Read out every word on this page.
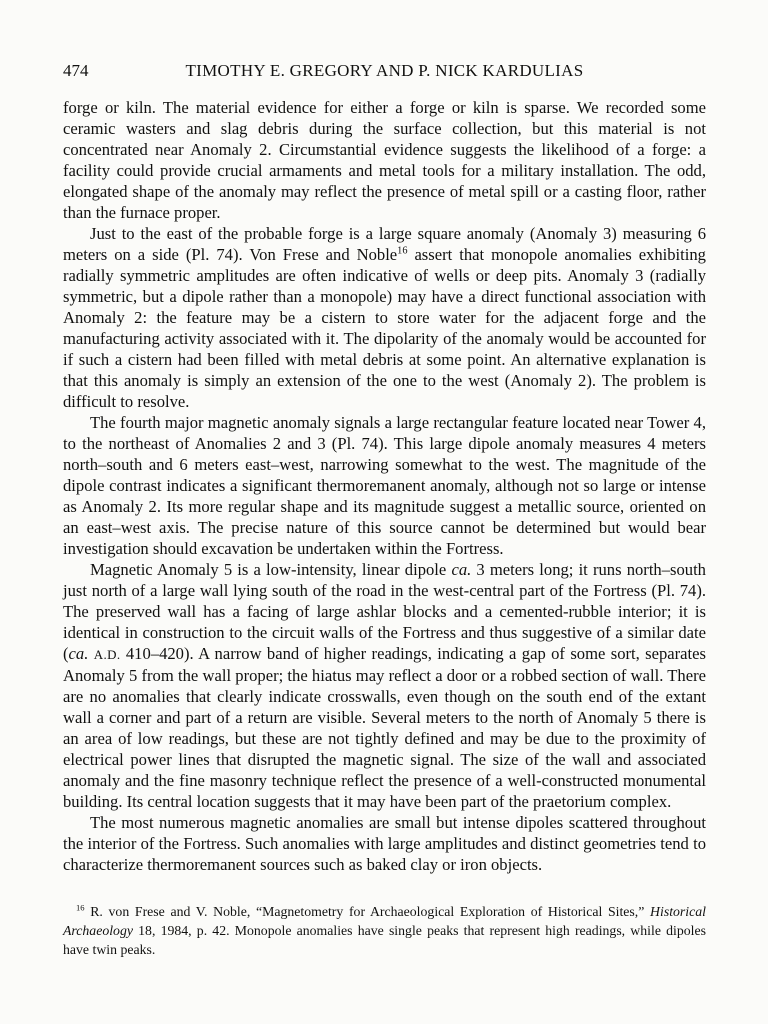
474	TIMOTHY E. GREGORY AND P. NICK KARDULIAS

forge or kiln. The material evidence for either a forge or kiln is sparse. We recorded some ceramic wasters and slag debris during the surface collection, but this material is not concentrated near Anomaly 2. Circumstantial evidence suggests the likelihood of a forge: a facility could provide crucial armaments and metal tools for a military installation. The odd, elongated shape of the anomaly may reflect the presence of metal spill or a casting floor, rather than the furnace proper.

Just to the east of the probable forge is a large square anomaly (Anomaly 3) measuring 6 meters on a side (Pl. 74). Von Frese and Noble$^{16}$ assert that monopole anomalies exhibiting radially symmetric amplitudes are often indicative of wells or deep pits. Anomaly 3 (radially symmetric, but a dipole rather than a monopole) may have a direct functional association with Anomaly 2: the feature may be a cistern to store water for the adjacent forge and the manufacturing activity associated with it. The dipolarity of the anomaly would be accounted for if such a cistern had been filled with metal debris at some point. An alternative explanation is that this anomaly is simply an extension of the one to the west (Anomaly 2). The problem is difficult to resolve.

The fourth major magnetic anomaly signals a large rectangular feature located near Tower 4, to the northeast of Anomalies 2 and 3 (Pl. 74). This large dipole anomaly measures 4 meters north–south and 6 meters east–west, narrowing somewhat to the west. The magnitude of the dipole contrast indicates a significant thermoremanent anomaly, although not so large or intense as Anomaly 2. Its more regular shape and its magnitude suggest a metallic source, oriented on an east–west axis. The precise nature of this source cannot be determined but would bear investigation should excavation be undertaken within the Fortress.

Magnetic Anomaly 5 is a low-intensity, linear dipole ca. 3 meters long; it runs north–south just north of a large wall lying south of the road in the west-central part of the Fortress (Pl. 74). The preserved wall has a facing of large ashlar blocks and a cemented-rubble interior; it is identical in construction to the circuit walls of the Fortress and thus suggestive of a similar date (ca. A.D. 410–420). A narrow band of higher readings, indicating a gap of some sort, separates Anomaly 5 from the wall proper; the hiatus may reflect a door or a robbed section of wall. There are no anomalies that clearly indicate crosswalls, even though on the south end of the extant wall a corner and part of a return are visible. Several meters to the north of Anomaly 5 there is an area of low readings, but these are not tightly defined and may be due to the proximity of electrical power lines that disrupted the magnetic signal. The size of the wall and associated anomaly and the fine masonry technique reflect the presence of a well-constructed monumental building. Its central location suggests that it may have been part of the praetorium complex.

The most numerous magnetic anomalies are small but intense dipoles scattered throughout the interior of the Fortress. Such anomalies with large amplitudes and distinct geometries tend to characterize thermoremanent sources such as baked clay or iron objects.

$^{16}$ R. von Frese and V. Noble, “Magnetometry for Archaeological Exploration of Historical Sites,” Historical Archaeology 18, 1984, p. 42. Monopole anomalies have single peaks that represent high readings, while dipoles have twin peaks.
